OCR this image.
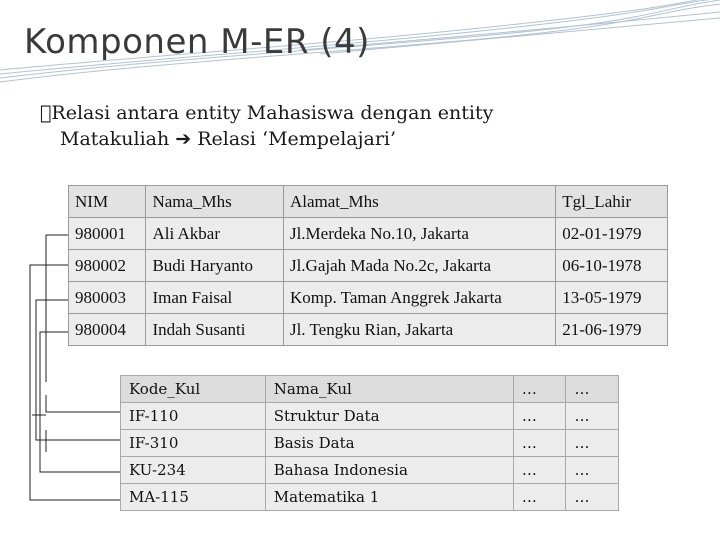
Komponen M-ER (4)
 Relasi antara entity Mahasiswa dengan entity
Matakuliah ➔ Relasi ‘Mempelajari’
NIM	Nama_Mhs	Alamat_Mhs	Tgl_Lahir
980001	Ali Akbar	Jl.Merdeka No.10, Jakarta	02-01-1979
980002	Budi Haryanto	Jl.Gajah Mada No.2c, Jakarta	06-10-1978
980003	Iman Faisal	Komp. Taman Anggrek Jakarta	13-05-1979
980004	Indah Susanti	Jl. Tengku Rian, Jakarta	21-06-1979
Kode_Kul	Nama_Kul	…	…
IF-110	Struktur Data	…	…
IF-310	Basis Data	…	…
KU-234	Bahasa Indonesia	…	…
MA-115	Matematika 1	…	…
